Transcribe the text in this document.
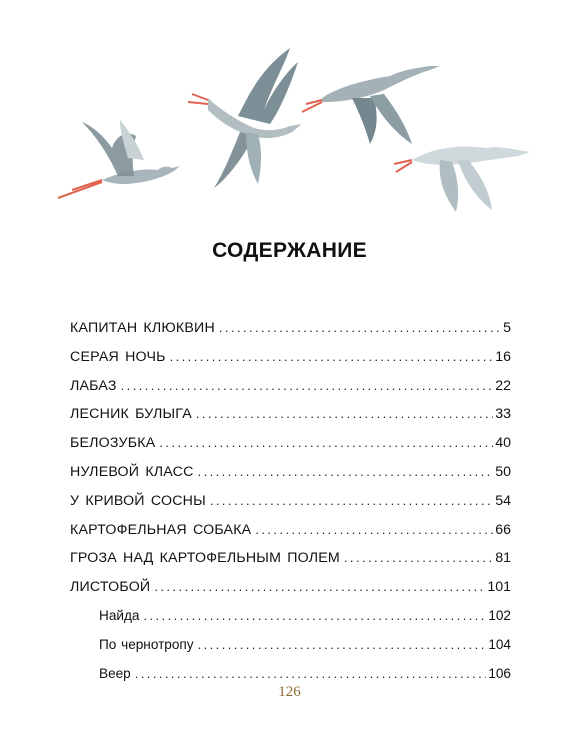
СОДЕРЖАНИЕ
КАПИТАН КЛЮКВИН . . .	5
СЕРАЯ НОЧЬ . . .	16
ЛАБАЗ . . .	22
ЛЕСНИК БУЛЫГА . . .	33
БЕЛОЗУБКА . . .	40
НУЛЕВОЙ КЛАСС . . .	50
У КРИВОЙ СОСНЫ . . .	54
КАРТОФЕЛЬНАЯ СОБАКА . . .	66
ГРОЗА НАД КАРТОФЕЛЬНЫМ ПОЛЕМ . . .	81
ЛИСТОБОЙ . . .	101
Найда . . .	102
По чернотропу . . .	104
Веер . . .	106
126
